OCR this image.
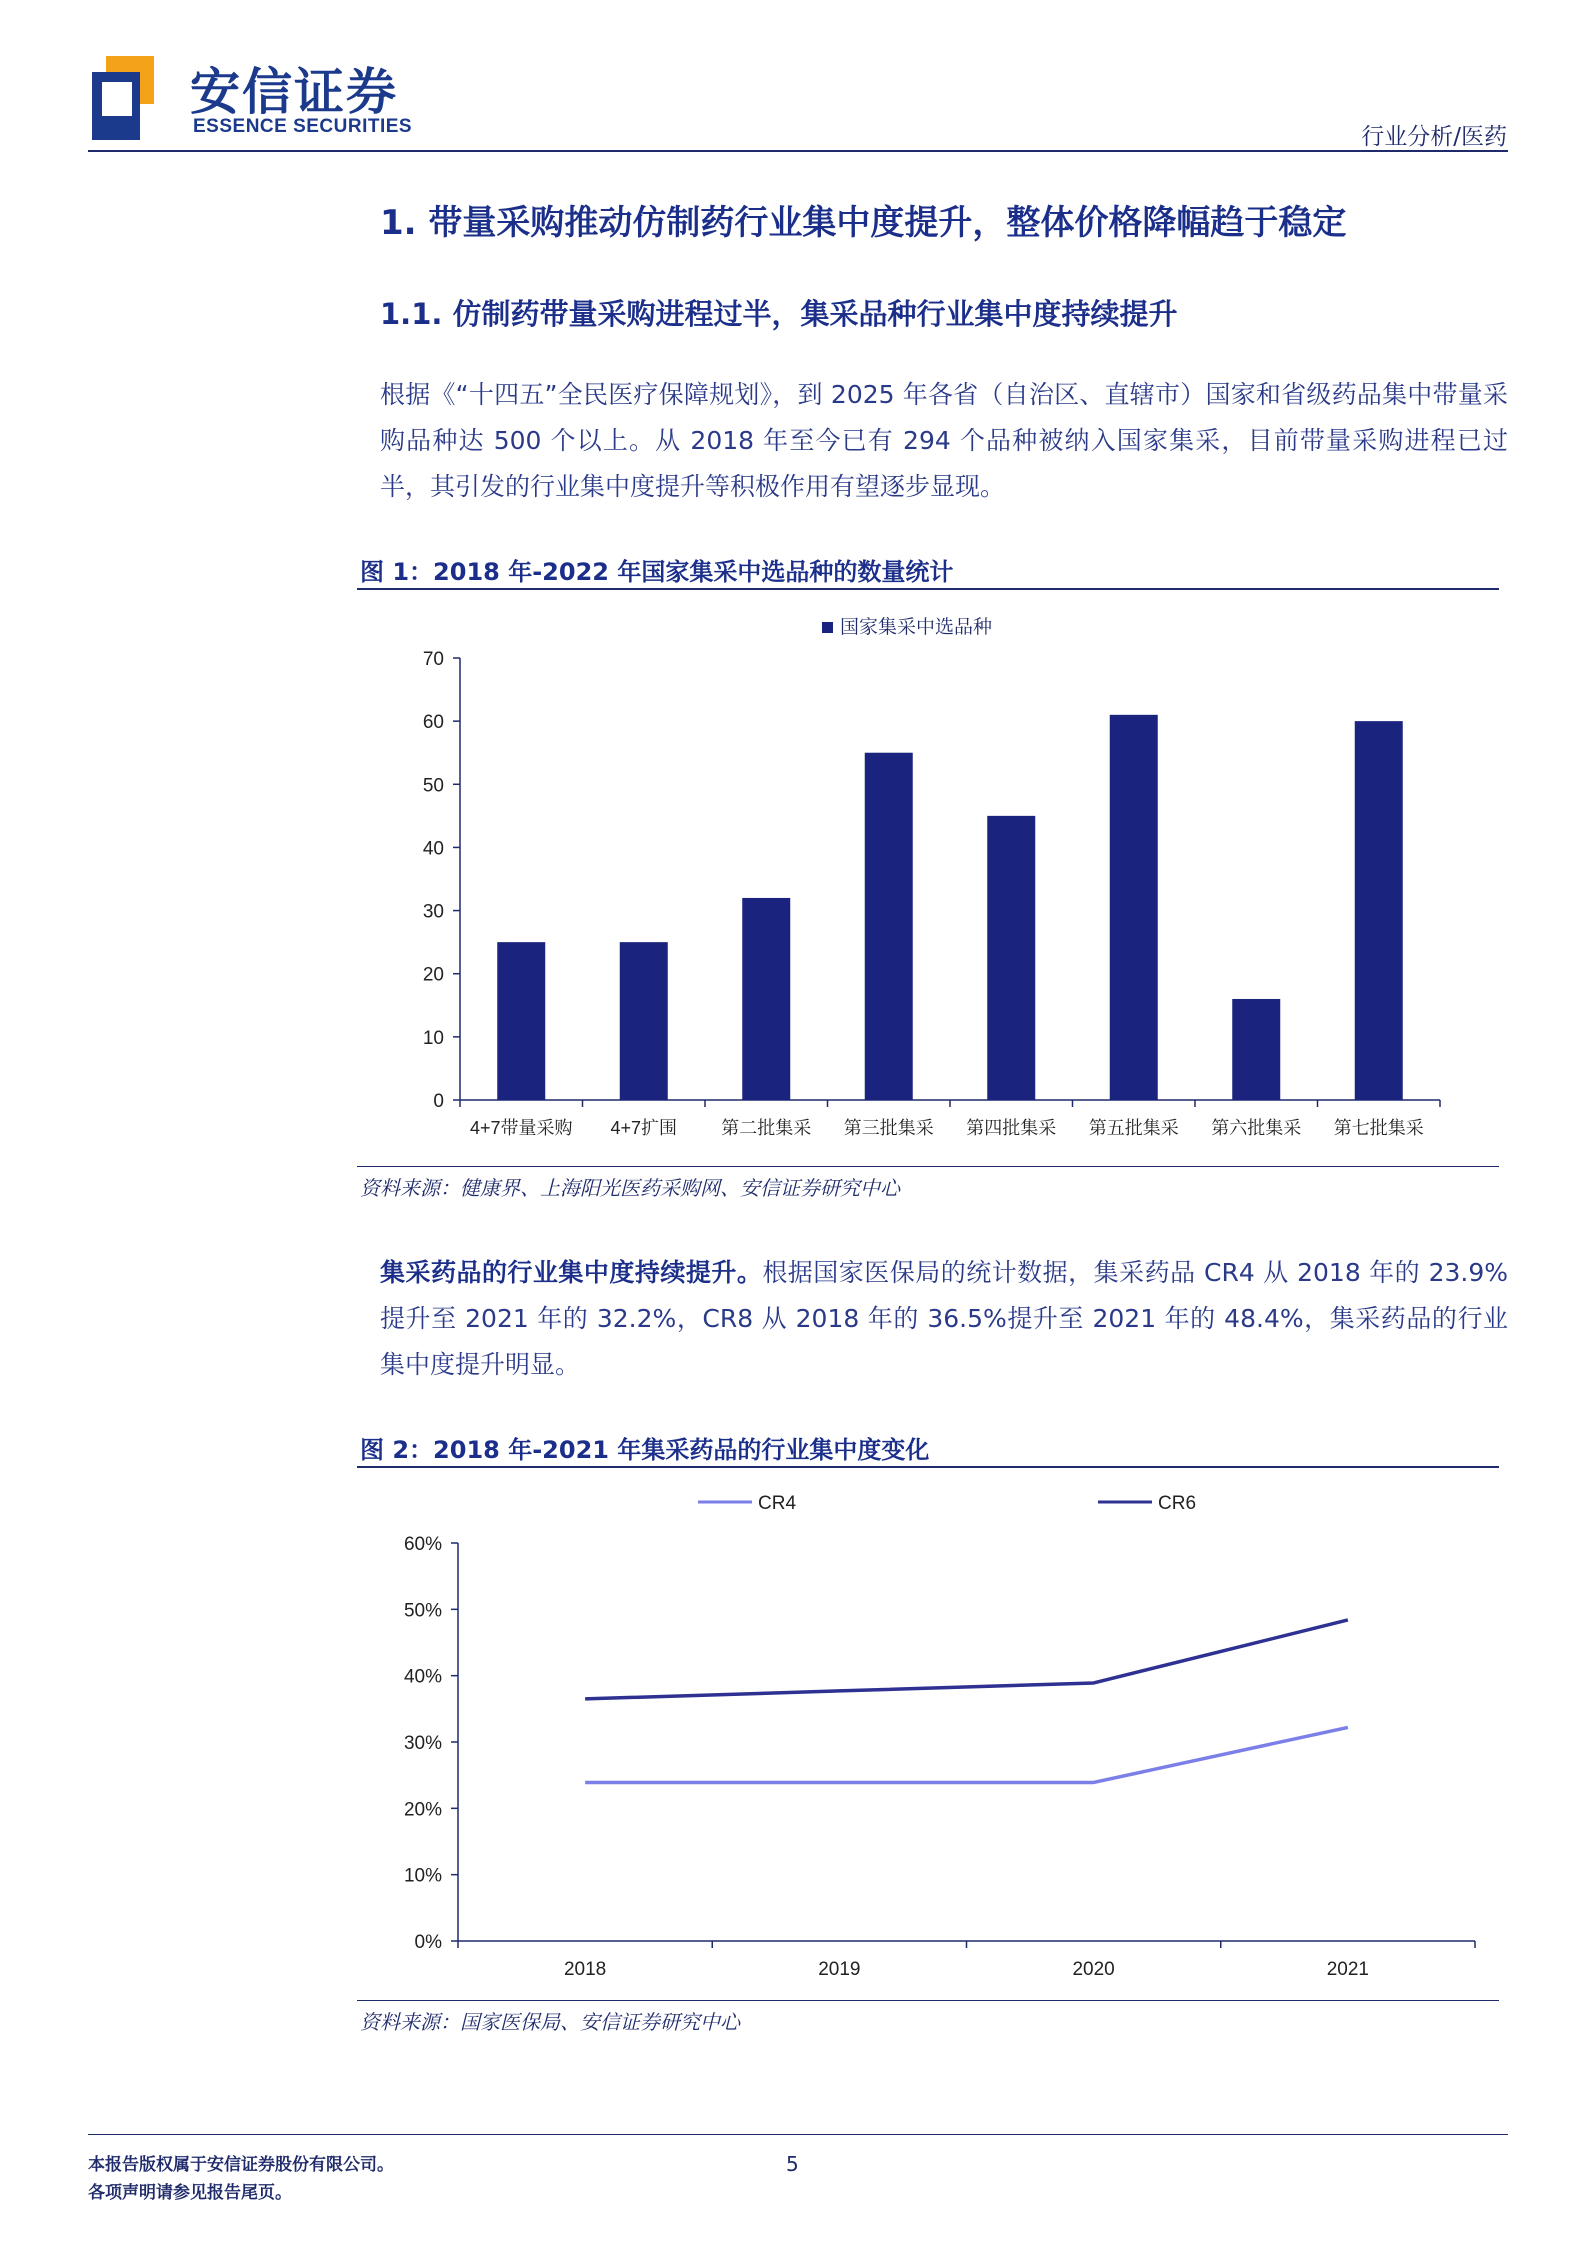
安信证券
ESSENCE SECURITIES	行业分析/医药
1. 带量采购推动仿制药行业集中度提升，整体价格降幅趋于稳定
1.1. 仿制药带量采购进程过半，集采品种行业集中度持续提升
根据《“十四五”全民医疗保障规划》，到 2025 年各省（自治区、直辖市）国家和省级药品集中带量采购品种达 500 个以上。从 2018 年至今已有 294 个品种被纳入国家集采，目前带量采购进程已过半，其引发的行业集中度提升等积极作用有望逐步显现。
图 1：2018 年-2022 年国家集采中选品种的数量统计
国家集采中选品种
0
10
20
30
40
50
60
70
4+7带量采购 4+7扩围 第二批集采 第三批集采 第四批集采 第五批集采 第六批集采 第七批集采
资料来源：健康界、上海阳光医药采购网、安信证券研究中心
集采药品的行业集中度持续提升。根据国家医保局的统计数据，集采药品 CR4 从 2018 年的 23.9%提升至 2021 年的 32.2%，CR8 从 2018 年的 36.5%提升至 2021 年的 48.4%，集采药品的行业集中度提升明显。
图 2：2018 年-2021 年集采药品的行业集中度变化
CR4	CR6
0%
10%
20%
30%
40%
50%
60%
2018	2019	2020	2021
资料来源：国家医保局、安信证券研究中心
本报告版权属于安信证券股份有限公司。
各项声明请参见报告尾页。
5
